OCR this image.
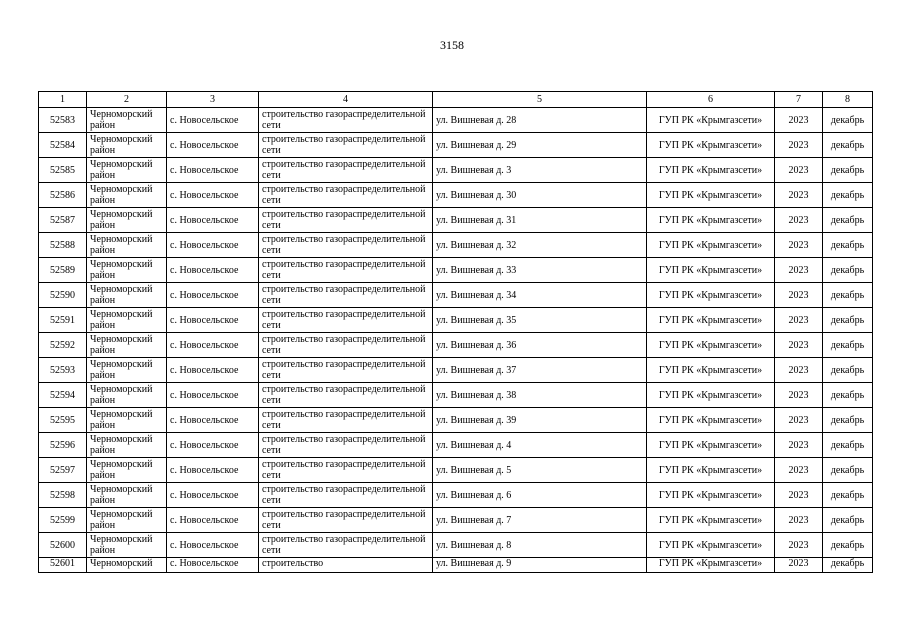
3158
1	2	3	4	5	6	7	8
52583	Черноморский район	с. Новосельское	строительство газораспределительной сети	ул. Вишневая д. 28	ГУП РК «Крымгазсети»	2023	декабрь
52584	Черноморский район	с. Новосельское	строительство газораспределительной сети	ул. Вишневая д. 29	ГУП РК «Крымгазсети»	2023	декабрь
52585	Черноморский район	с. Новосельское	строительство газораспределительной сети	ул. Вишневая д. 3	ГУП РК «Крымгазсети»	2023	декабрь
52586	Черноморский район	с. Новосельское	строительство газораспределительной сети	ул. Вишневая д. 30	ГУП РК «Крымгазсети»	2023	декабрь
52587	Черноморский район	с. Новосельское	строительство газораспределительной сети	ул. Вишневая д. 31	ГУП РК «Крымгазсети»	2023	декабрь
52588	Черноморский район	с. Новосельское	строительство газораспределительной сети	ул. Вишневая д. 32	ГУП РК «Крымгазсети»	2023	декабрь
52589	Черноморский район	с. Новосельское	строительство газораспределительной сети	ул. Вишневая д. 33	ГУП РК «Крымгазсети»	2023	декабрь
52590	Черноморский район	с. Новосельское	строительство газораспределительной сети	ул. Вишневая д. 34	ГУП РК «Крымгазсети»	2023	декабрь
52591	Черноморский район	с. Новосельское	строительство газораспределительной сети	ул. Вишневая д. 35	ГУП РК «Крымгазсети»	2023	декабрь
52592	Черноморский район	с. Новосельское	строительство газораспределительной сети	ул. Вишневая д. 36	ГУП РК «Крымгазсети»	2023	декабрь
52593	Черноморский район	с. Новосельское	строительство газораспределительной сети	ул. Вишневая д. 37	ГУП РК «Крымгазсети»	2023	декабрь
52594	Черноморский район	с. Новосельское	строительство газораспределительной сети	ул. Вишневая д. 38	ГУП РК «Крымгазсети»	2023	декабрь
52595	Черноморский район	с. Новосельское	строительство газораспределительной сети	ул. Вишневая д. 39	ГУП РК «Крымгазсети»	2023	декабрь
52596	Черноморский район	с. Новосельское	строительство газораспределительной сети	ул. Вишневая д. 4	ГУП РК «Крымгазсети»	2023	декабрь
52597	Черноморский район	с. Новосельское	строительство газораспределительной сети	ул. Вишневая д. 5	ГУП РК «Крымгазсети»	2023	декабрь
52598	Черноморский район	с. Новосельское	строительство газораспределительной сети	ул. Вишневая д. 6	ГУП РК «Крымгазсети»	2023	декабрь
52599	Черноморский район	с. Новосельское	строительство газораспределительной сети	ул. Вишневая д. 7	ГУП РК «Крымгазсети»	2023	декабрь
52600	Черноморский район	с. Новосельское	строительство газораспределительной сети	ул. Вишневая д. 8	ГУП РК «Крымгазсети»	2023	декабрь
52601	Черноморский	с. Новосельское	строительство	ул. Вишневая д. 9	ГУП РК «Крымгазсети»	2023	декабрь
